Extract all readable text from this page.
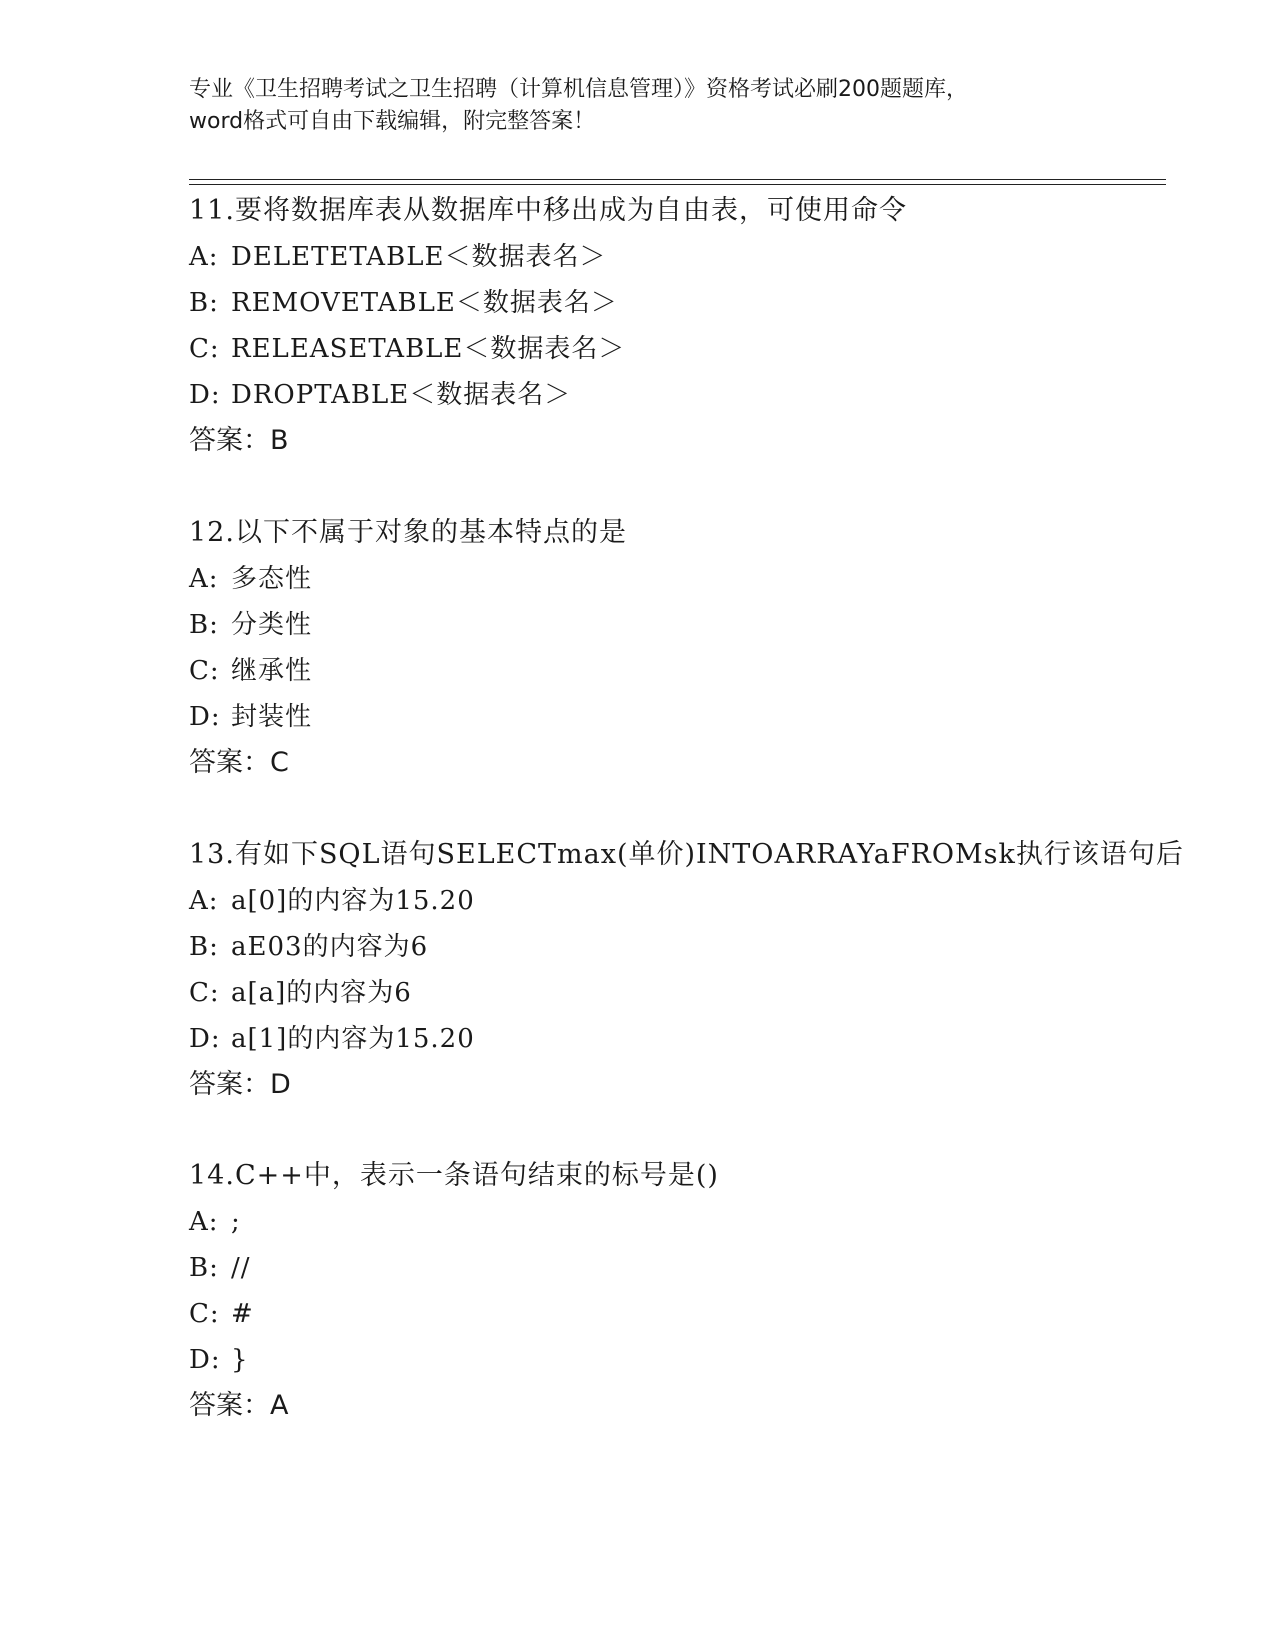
专业《卫生招聘考试之卫生招聘（计算机信息管理）》资格考试必刷200题题库，
word格式可自由下载编辑，附完整答案！
11.要将数据库表从数据库中移出成为自由表，可使用命令
A: DELETETABLE＜数据表名＞
B: REMOVETABLE＜数据表名＞
C: RELEASETABLE＜数据表名＞
D: DROPTABLE＜数据表名＞
答案：B
12.以下不属于对象的基本特点的是
A: 多态性
B: 分类性
C: 继承性
D: 封装性
答案：C
13.有如下SQL语句SELECTmax(单价)INTOARRAYaFROMsk执行该语句后
A: a[0]的内容为15.20
B: aE03的内容为6
C: a[a]的内容为6
D: a[1]的内容为15.20
答案：D
14.C++中，表示一条语句结束的标号是()
A: ;
B: //
C: #
D: }
答案：A
